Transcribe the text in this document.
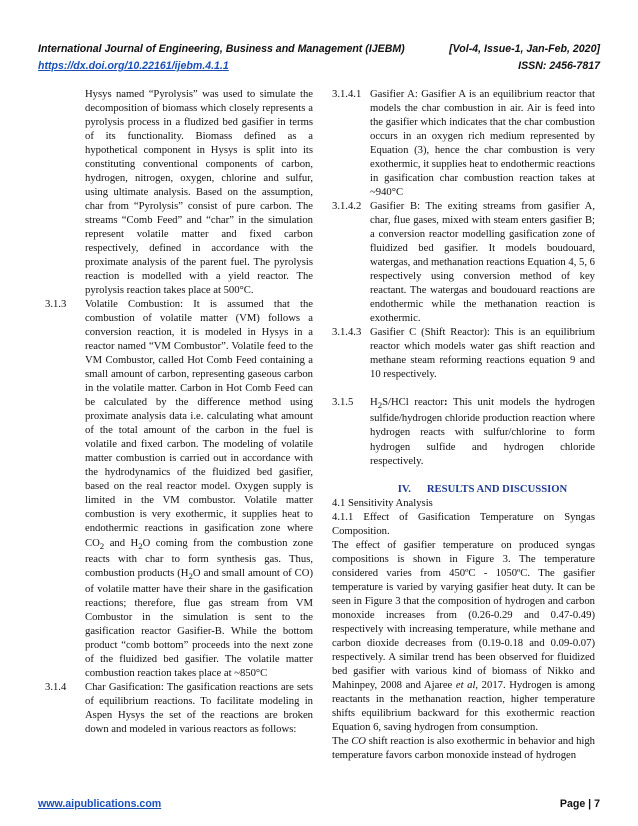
International Journal of Engineering, Business and Management (IJEBM)	[Vol-4, Issue-1, Jan-Feb, 2020]
https://dx.doi.org/10.22161/ijebm.4.1.1	ISSN: 2456-7817

Hysys named “Pyrolysis” was used to simulate the decomposition of biomass which closely represents a pyrolysis process in a fludized bed gasifier in terms of its functionality. Biomass defined as a hypothetical component in Hysys is split into its constituting conventional components of carbon, hydrogen, nitrogen, oxygen, chlorine and sulfur, using ultimate analysis. Based on the assumption, char from “Pyrolysis” consist of pure carbon. The streams “Comb Feed” and “char” in the simulation represent volatile matter and fixed carbon respectively, defined in accordance with the proximate analysis of the parent fuel. The pyrolysis reaction is modelled with a yield reactor. The pyrolysis reaction takes place at 500°C.

3.1.3	Volatile Combustion: It is assumed that the combustion of volatile matter (VM) follows a conversion reaction, it is modeled in Hysys in a reactor named “VM Combustor”. Volatile feed to the VM Combustor, called Hot Comb Feed containing a small amount of carbon, representing gaseous carbon in the volatile matter. Carbon in Hot Comb Feed can be calculated by the difference method using proximate analysis data i.e. calculating what amount of the total amount of the carbon in the fuel is volatile and fixed carbon. The modeling of volatile matter combustion is carried out in accordance with the hydrodynamics of the fluidized bed gasifier, based on the real reactor model. Oxygen supply is limited in the VM combustor. Volatile matter combustion is very exothermic, it supplies heat to endothermic reactions in gasification zone where $CO_2$ and $H_2O$ coming from the combustion zone reacts with char to form synthesis gas. Thus, combustion products ($H_2O$ and small amount of CO) of volatile matter have their share in the gasification reactions; therefore, flue gas stream from VM Combustor in the simulation is sent to the gasification reactor Gasifier-B. While the bottom product “comb bottom” proceeds into the next zone of the fluidized bed gasifier. The volatile matter combustion reaction takes place at ~850°C
3.1.4	Char Gasification: The gasification reactions are sets of equilibrium reactions. To facilitate modeling in Aspen Hysys the set of the reactions are broken down and modeled in various reactors as follows:
3.1.4.1 Gasifier A: Gasifier A is an equilibrium reactor that models the char combustion in air. Air is feed into the gasifier which indicates that the char combustion occurs in an oxygen rich medium represented by Equation (3), hence the char combustion is very exothermic, it supplies heat to endothermic reactions in gasification char combustion reaction takes at ~940°C
3.1.4.2 Gasifier B: The exiting streams from gasifier A, char, flue gases, mixed with steam enters gasifier B; a conversion reactor modelling gasification zone of fluidized bed gasifier. It models boudouard, watergas, and methanation reactions Equation 4, 5, 6 respectively using conversion method of key reactant. The watergas and boudouard reactions are endothermic while the methanation reaction is exothermic.
3.1.4.3 Gasifier C (Shift Reactor): This is an equilibrium reactor which models water gas shift reaction and methane steam reforming reactions equation 9 and 10 respectively.
3.1.5	$H_2S$/HCl reactor: This unit models the hydrogen sulfide/hydrogen chloride production reaction where hydrogen reacts with sulfur/chlorine to form hydrogen sulfide and hydrogen chloride respectively.

IV. RESULTS AND DISCUSSION

4.1 Sensitivity Analysis

4.1.1 Effect of Gasification Temperature on Syngas Composition.

The effect of gasifier temperature on produced syngas compositions is shown in Figure 3. The temperature considered varies from 450ºC - 1050ºC. The gasifier temperature is varied by varying gasifier heat duty. It can be seen in Figure 3 that the composition of hydrogen and carbon monoxide increases from (0.26-0.29 and 0.47-0.49) respectively with increasing temperature, while methane and carbon dioxide decreases from (0.19-0.18 and 0.09-0.07) respectively. A similar trend has been observed for fluidized bed gasifier with various kind of biomass of Nikko and Mahinpey, 2008 and Ajaree et al, 2017. Hydrogen is among reactants in the methanation reaction, higher temperature shifts equilibrium backward for this exothermic reaction Equation 6, saving hydrogen from consumption.

The CO shift reaction is also exothermic in behavior and high temperature favors carbon monoxide instead of hydrogen

www.aipublications.com	Page | 7
